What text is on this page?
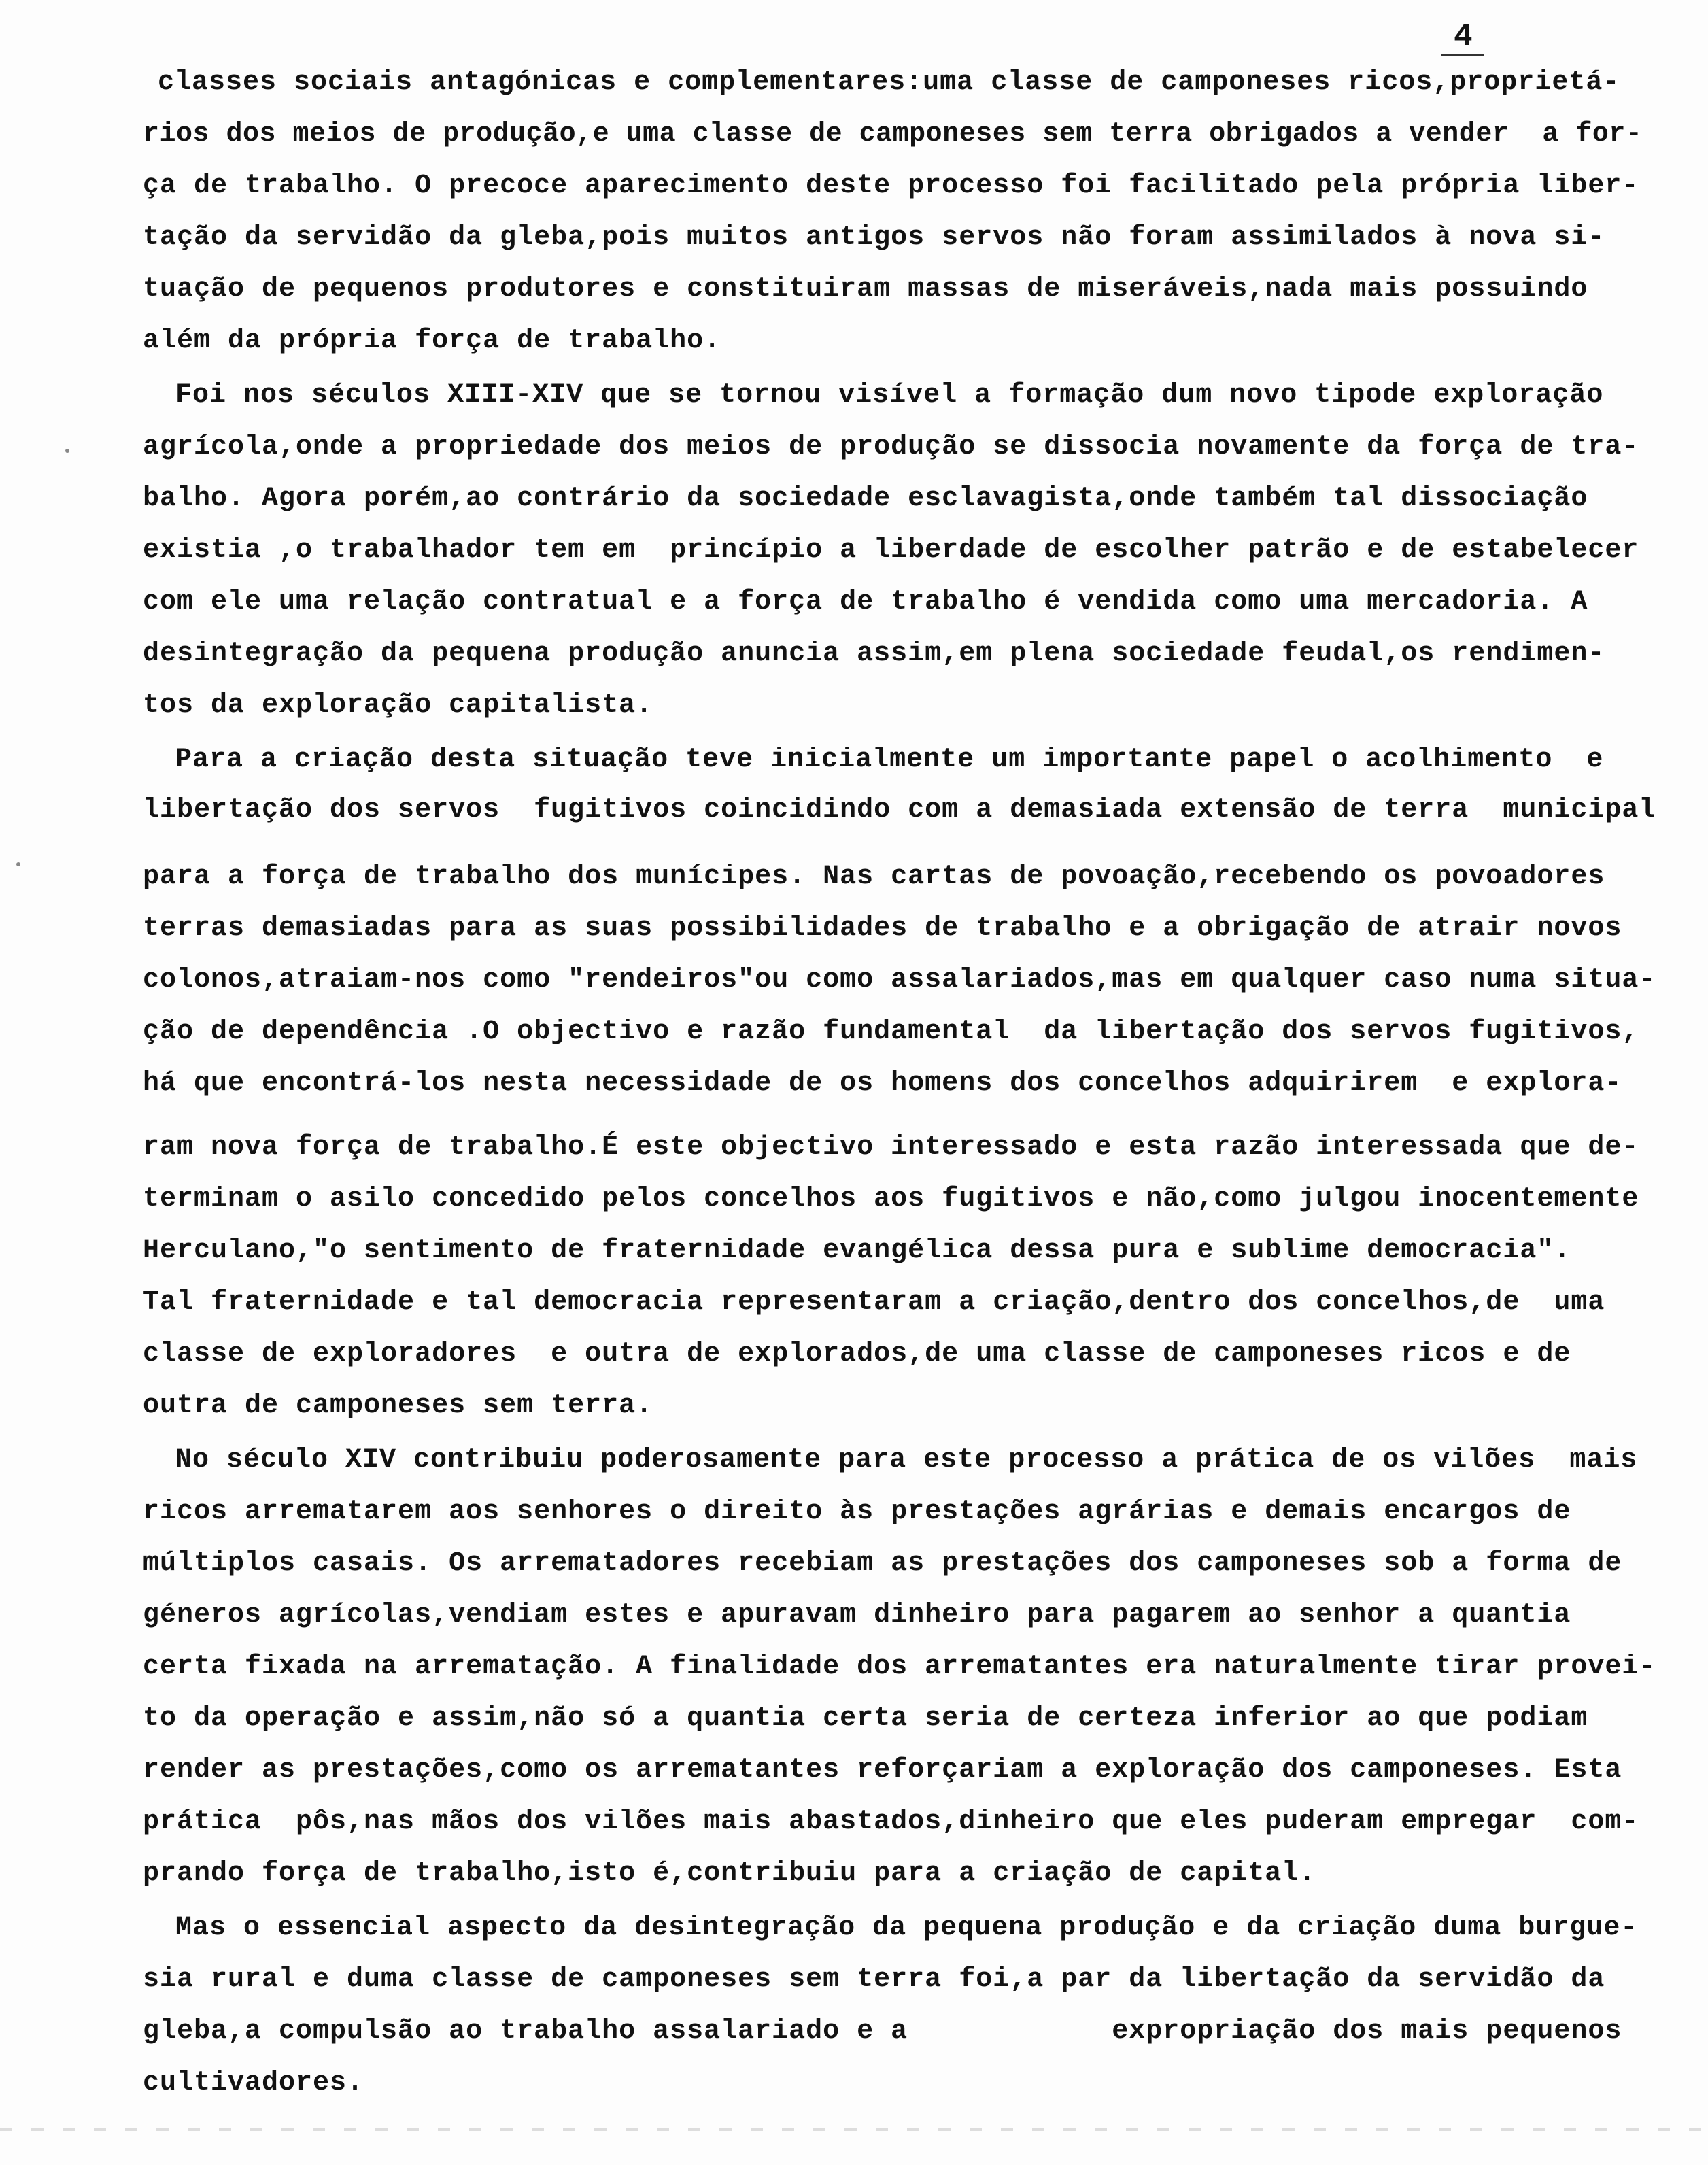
4
classes sociais antagónicas e complementares:uma classe de camponeses ricos,proprietá-
rios dos meios de produção,e uma classe de camponeses sem terra obrigados a vender  a for-
ça de trabalho. O precoce aparecimento deste processo foi facilitado pela própria liber-
tação da servidão da gleba,pois muitos antigos servos não foram assimilados à nova si-
tuação de pequenos produtores e constituiram massas de miseráveis,nada mais possuindo
além da própria força de trabalho.
Foi nos séculos XIII-XIV que se tornou visível a formação dum novo tipode exploração
agrícola,onde a propriedade dos meios de produção se dissocia novamente da força de tra-
balho. Agora porém,ao contrário da sociedade esclavagista,onde também tal dissociação
existia ,o trabalhador tem em  princípio a liberdade de escolher patrão e de estabelecer
com ele uma relação contratual e a força de trabalho é vendida como uma mercadoria. A
desintegração da pequena produção anuncia assim,em plena sociedade feudal,os rendimen-
tos da exploração capitalista.
Para a criação desta situação teve inicialmente um importante papel o acolhimento  e
libertação dos servos  fugitivos coincidindo com a demasiada extensão de terra  municipal
para a força de trabalho dos munícipes. Nas cartas de povoação,recebendo os povoadores
terras demasiadas para as suas possibilidades de trabalho e a obrigação de atrair novos
colonos,atraiam-nos como "rendeiros"ou como assalariados,mas em qualquer caso numa situa-
ção de dependência .O objectivo e razão fundamental  da libertação dos servos fugitivos,
há que encontrá-los nesta necessidade de os homens dos concelhos adquirirem  e explora-
ram nova força de trabalho.É este objectivo interessado e esta razão interessada que de-
terminam o asilo concedido pelos concelhos aos fugitivos e não,como julgou inocentemente
Herculano,"o sentimento de fraternidade evangélica dessa pura e sublime democracia".
Tal fraternidade e tal democracia representaram a criação,dentro dos concelhos,de  uma
classe de exploradores  e outra de explorados,de uma classe de camponeses ricos e de
outra de camponeses sem terra.
No século XIV contribuiu poderosamente para este processo a prática de os vilões  mais
ricos arrematarem aos senhores o direito às prestações agrárias e demais encargos de
múltiplos casais. Os arrematadores recebiam as prestações dos camponeses sob a forma de
géneros agrícolas,vendiam estes e apuravam dinheiro para pagarem ao senhor a quantia
certa fixada na arrematação. A finalidade dos arrematantes era naturalmente tirar provei-
to da operação e assim,não só a quantia certa seria de certeza inferior ao que podiam
render as prestações,como os arrematantes reforçariam a exploração dos camponeses. Esta
prática  pôs,nas mãos dos vilões mais abastados,dinheiro que eles puderam empregar  com-
prando força de trabalho,isto é,contribuiu para a criação de capital.
Mas o essencial aspecto da desintegração da pequena produção e da criação duma burgue-
sia rural e duma classe de camponeses sem terra foi,a par da libertação da servidão da
gleba,a compulsão ao trabalho assalariado e a            expropriação dos mais pequenos
cultivadores.
